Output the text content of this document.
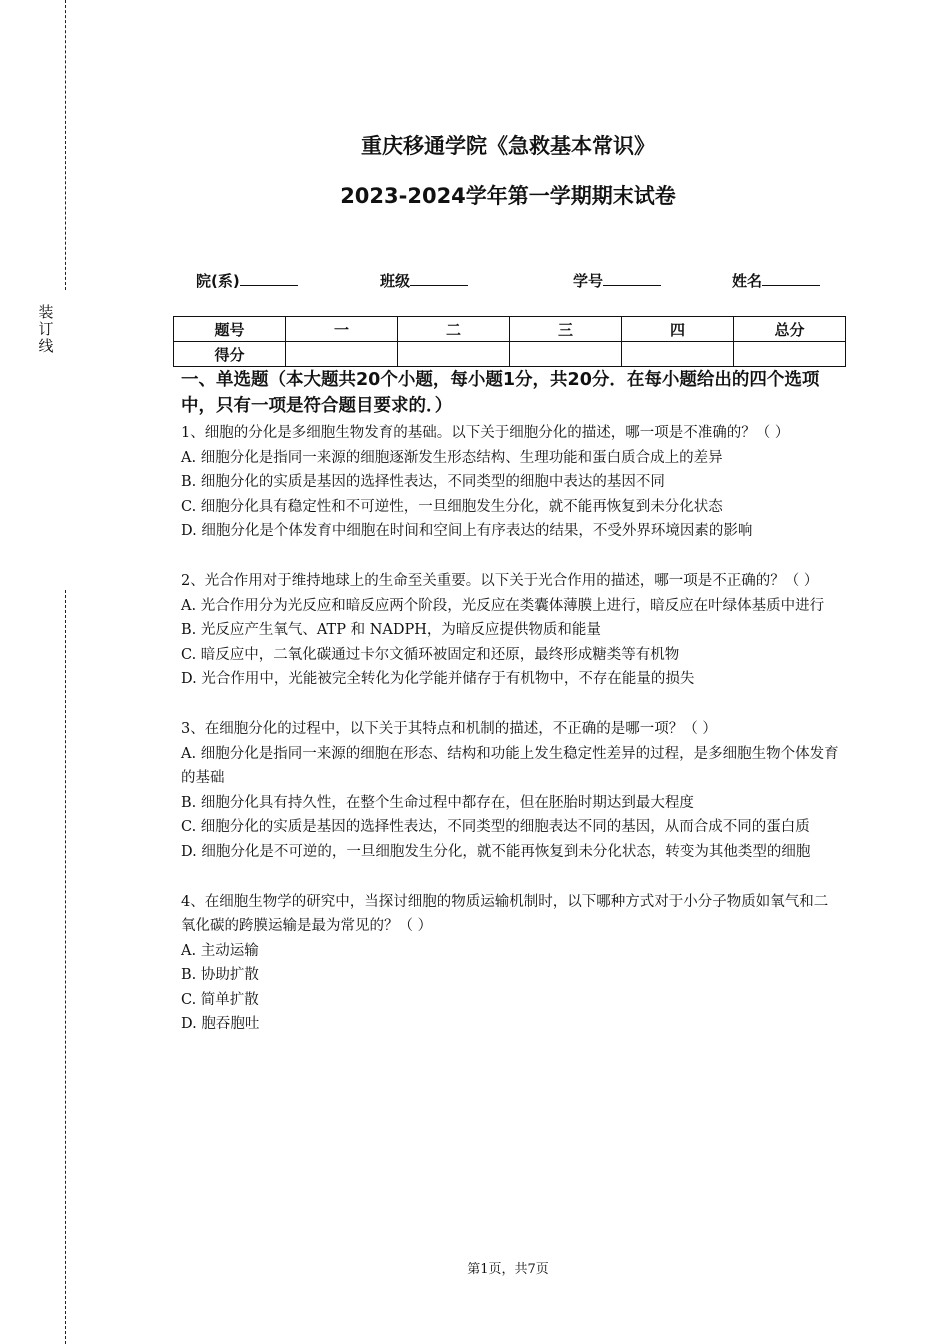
装
订
线
重庆移通学院《急救基本常识》
2023-2024学年第一学期期末试卷
院(系)	班级	学号	姓名
题号	一	二	三	四	总分
得分					
一、单选题（本大题共20个小题，每小题1分，共20分．在每小题给出的四个选项中，只有一项是符合题目要求的．）

1、细胞的分化是多细胞生物发育的基础。以下关于细胞分化的描述，哪一项是不准确的？（ ）

A. 细胞分化是指同一来源的细胞逐渐发生形态结构、生理功能和蛋白质合成上的差异

B. 细胞分化的实质是基因的选择性表达，不同类型的细胞中表达的基因不同

C. 细胞分化具有稳定性和不可逆性，一旦细胞发生分化，就不能再恢复到未分化状态

D. 细胞分化是个体发育中细胞在时间和空间上有序表达的结果，不受外界环境因素的影响

2、光合作用对于维持地球上的生命至关重要。以下关于光合作用的描述，哪一项是不正确的？（ ）

A. 光合作用分为光反应和暗反应两个阶段，光反应在类囊体薄膜上进行，暗反应在叶绿体基质中进行

B. 光反应产生氧气、ATP 和 NADPH，为暗反应提供物质和能量

C. 暗反应中，二氧化碳通过卡尔文循环被固定和还原，最终形成糖类等有机物

D. 光合作用中，光能被完全转化为化学能并储存于有机物中，不存在能量的损失

3、在细胞分化的过程中，以下关于其特点和机制的描述，不正确的是哪一项？（ ）

A. 细胞分化是指同一来源的细胞在形态、结构和功能上发生稳定性差异的过程，是多细胞生物个体发育的基础

B. 细胞分化具有持久性，在整个生命过程中都存在，但在胚胎时期达到最大程度

C. 细胞分化的实质是基因的选择性表达，不同类型的细胞表达不同的基因，从而合成不同的蛋白质

D. 细胞分化是不可逆的，一旦细胞发生分化，就不能再恢复到未分化状态，转变为其他类型的细胞

4、在细胞生物学的研究中，当探讨细胞的物质运输机制时，以下哪种方式对于小分子物质如氧气和二氧化碳的跨膜运输是最为常见的？（ ）

A. 主动运输

B. 协助扩散

C. 简单扩散

D. 胞吞胞吐

第1页，共7页
